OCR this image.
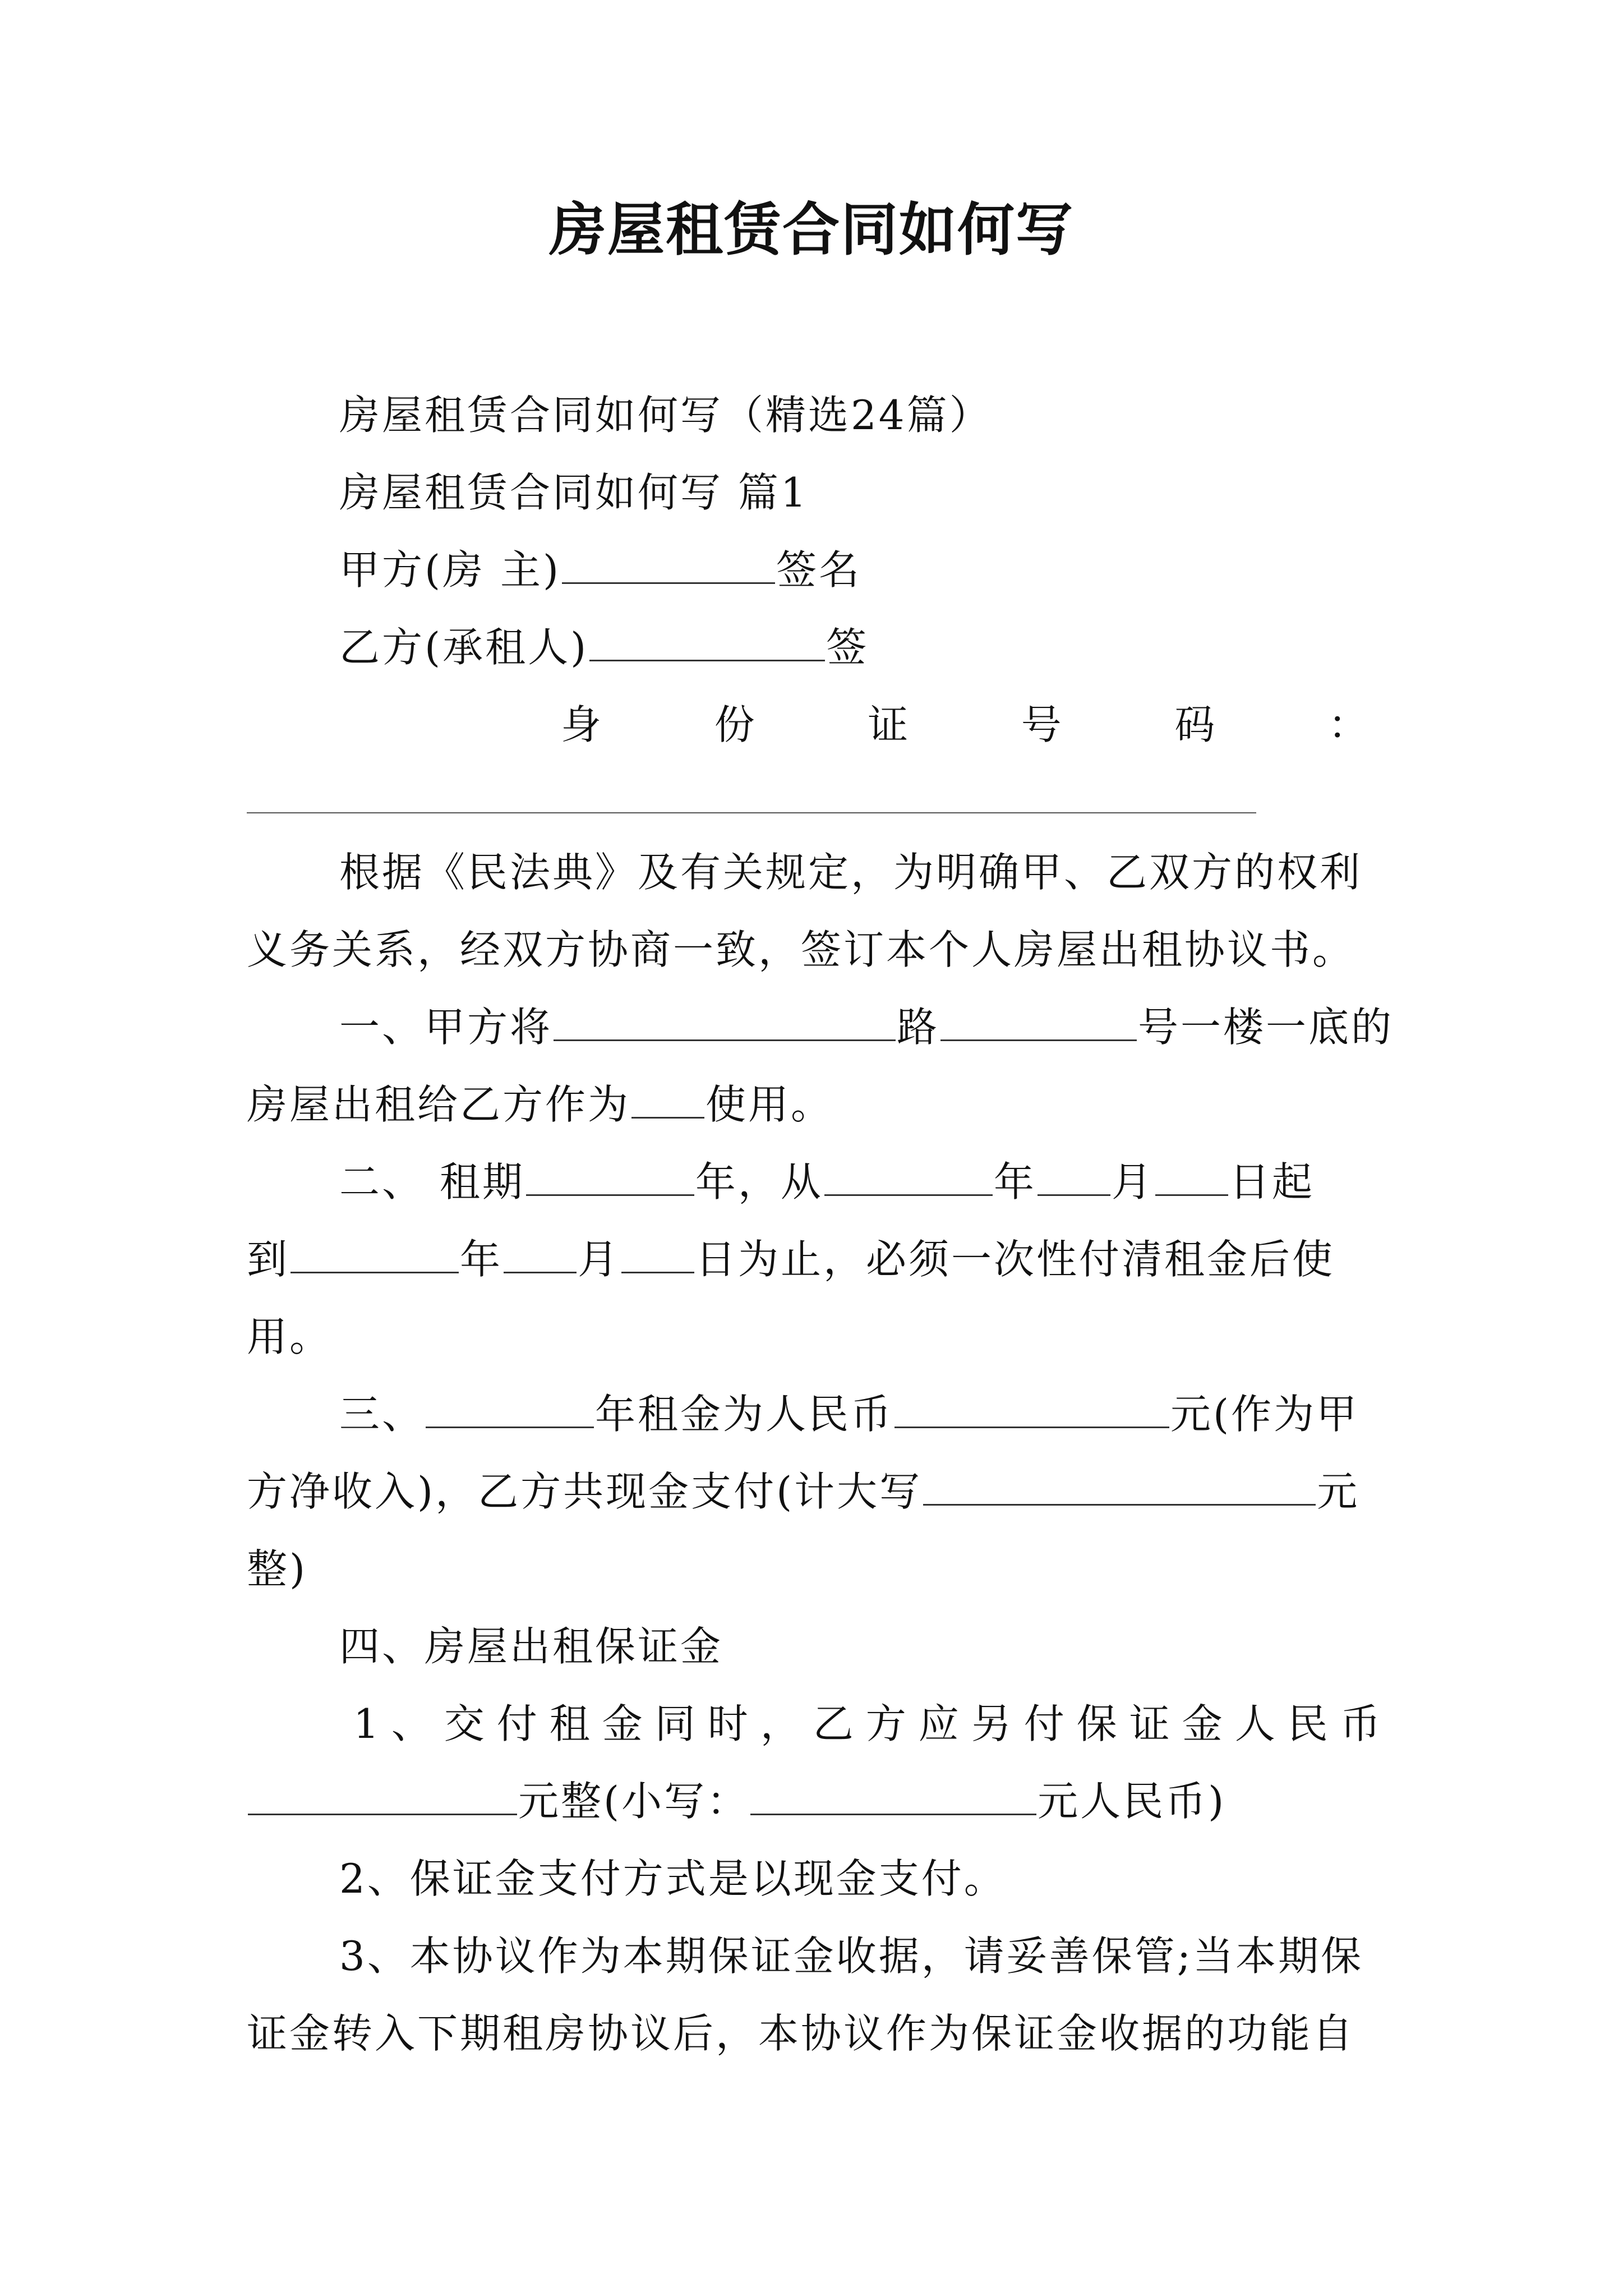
房屋租赁合同如何写
房屋租赁合同如何写（精选24篇）
房屋租赁合同如何写 篇1
甲方(房 主)	签名
乙方(承租人)	签
身	份	证	号	码	：
根据《民法典》及有关规定，为明确甲、乙双方的权利
义务关系，经双方协商一致，签订本个人房屋出租协议书。
一、甲方将	路	号一楼一底的
房屋出租给乙方作为 使用。
二、 租期	年，从	年 月 日起
到	年 月 日为止，必须一次性付清租金后使
用。
三、	年租金为人民币	元(作为甲
方净收入)，乙方共现金支付(计大写	元
整)
四、房屋出租保证金
1、交付租金同时，乙方应另付保证金人民币
元整(小写：	元人民币)
2、保证金支付方式是以现金支付。
3、本协议作为本期保证金收据，请妥善保管;当本期保
证金转入下期租房协议后，本协议作为保证金收据的功能自
